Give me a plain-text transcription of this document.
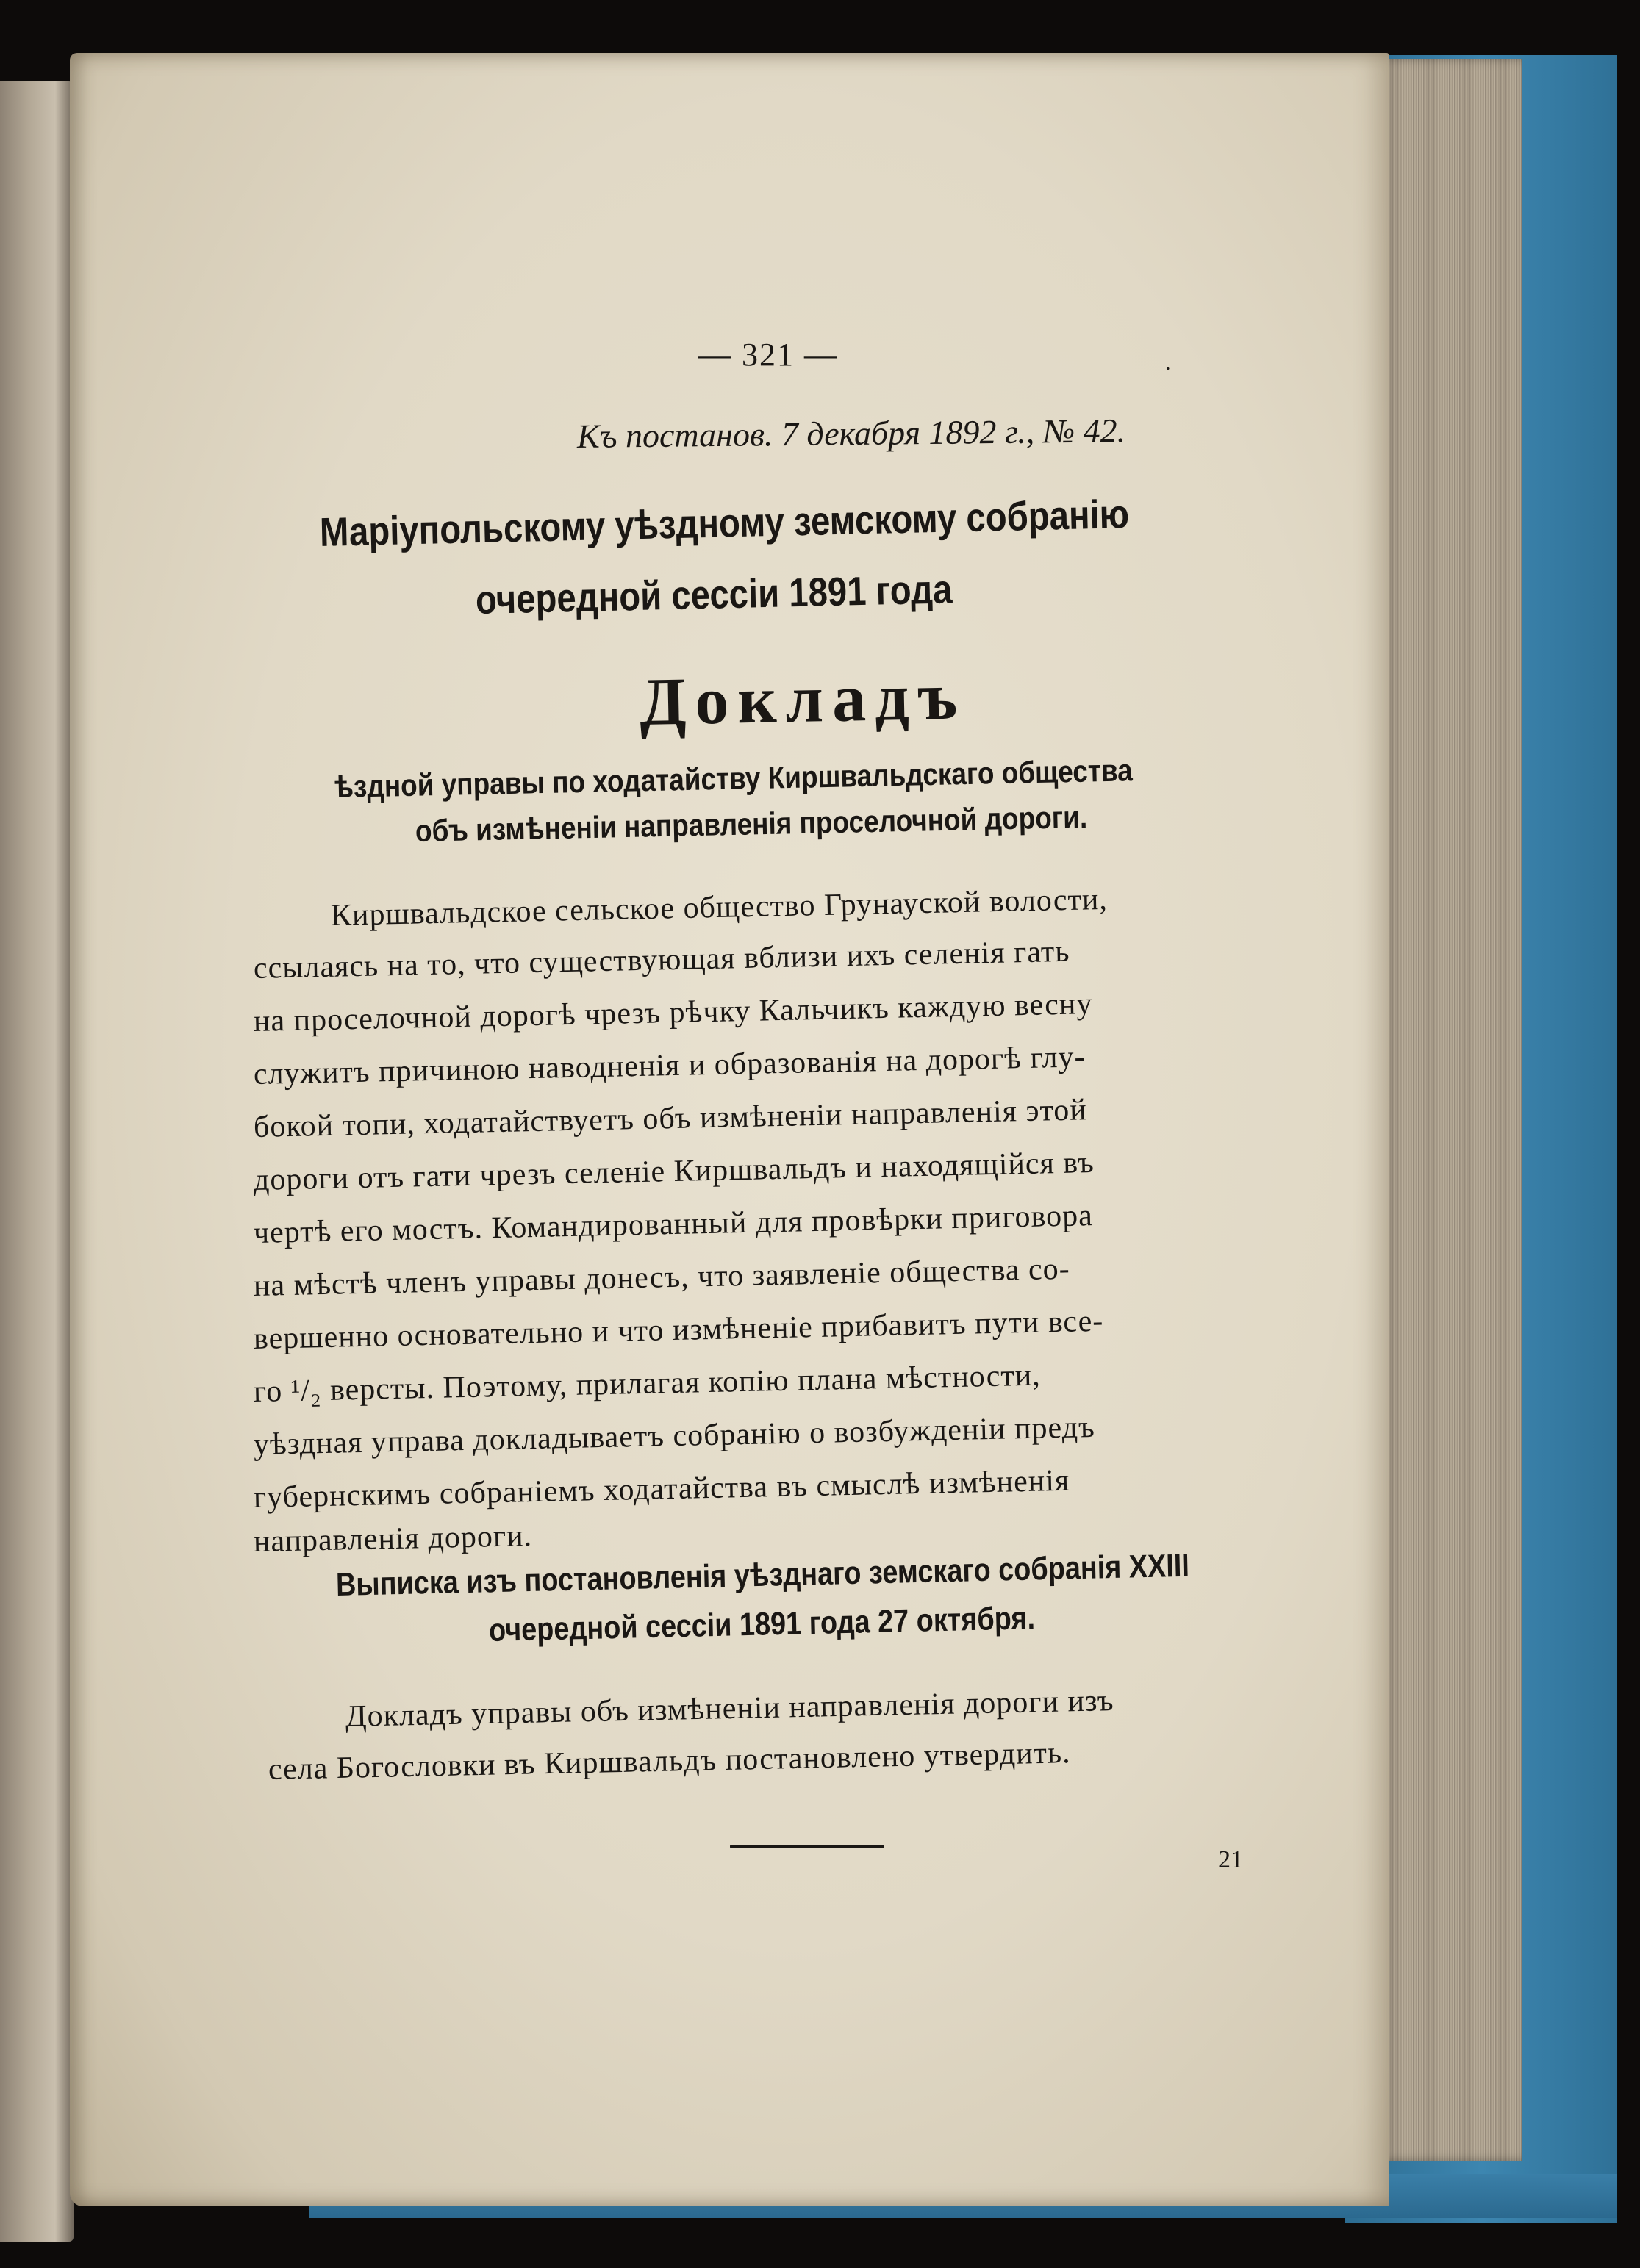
— 321 —	.
Къ постанов. 7 декабря 1892 г., № 42.
Маріупольскому уѣздному земскому собранію
очередной сессіи 1891 года
Докладъ
ѣздной управы по ходатайству Киршвальдскаго общества
объ измѣненіи направленія проселочной дороги.
Киршвальдское сельское общество Грунауской волости,
ссылаясь на то, что существующая вблизи ихъ селенія гать
на проселочной дорогѣ чрезъ рѣчку Кальчикъ каждую весну
служитъ причиною наводненія и образованія на дорогѣ глу-
бокой топи, ходатайствуетъ объ измѣненіи направленія этой
дороги отъ гати чрезъ селеніе Киршвальдъ и находящійся въ
чертѣ его мостъ. Командированный для провѣрки приговора
на мѣстѣ членъ управы донесъ, что заявленіе общества со-
вершенно основательно и что измѣненіе прибавитъ пути все-
го ¹/₂ версты. Поэтому, прилагая копію плана мѣстности,
уѣздная управа докладываетъ собранію о возбужденіи предъ
губернскимъ собраніемъ ходатайства въ смыслѣ измѣненія
направленія дороги.
Выписка изъ постановленія уѣзднаго земскаго собранія XXIII
очередной сессіи 1891 года 27 октября.
Докладъ управы объ измѣненіи направленія дороги изъ
села Богословки въ Киршвальдъ постановлено утвердить.
21
